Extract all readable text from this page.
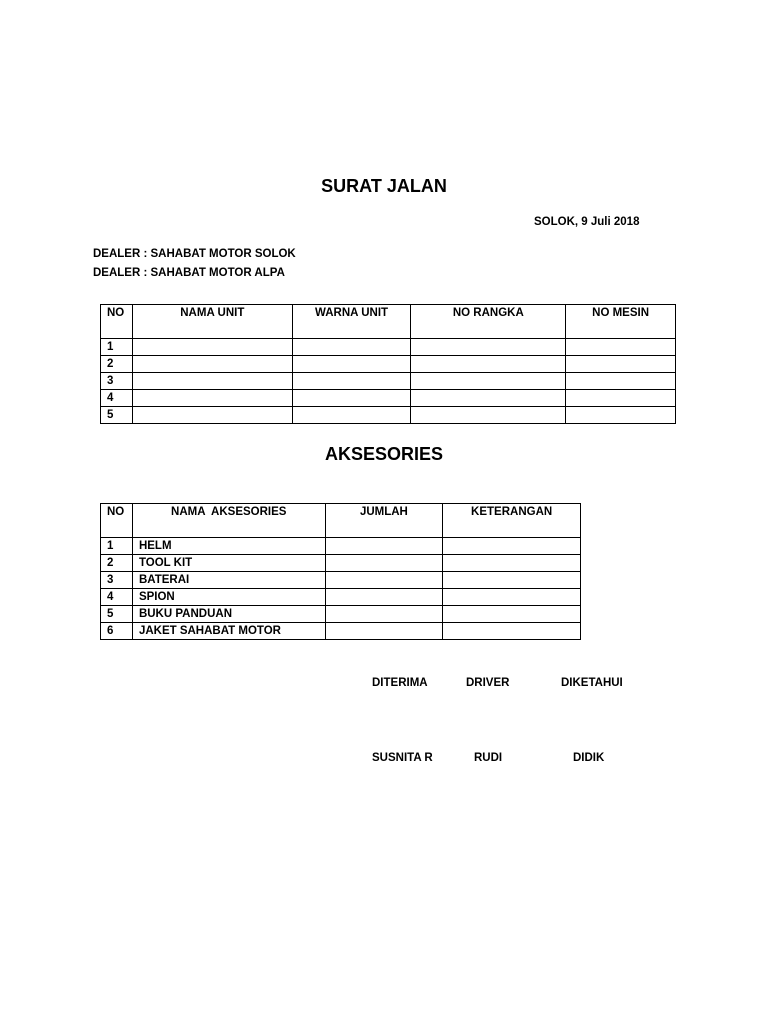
SURAT JALAN
SOLOK, 9 Juli 2018
DEALER : SAHABAT MOTOR SOLOK
DEALER : SAHABAT MOTOR ALPA
NO	NAMA UNIT	WARNA UNIT	NO RANGKA	NO MESIN
1				
2				
3				
4				
5				
AKSESORIES
NO	NAMA  AKSESORIES	JUMLAH	KETERANGAN
1	HELM		
2	TOOL KIT		
3	BATERAI		
4	SPION		
5	BUKU PANDUAN		
6	JAKET SAHABAT MOTOR		
DITERIMA	DRIVER	DIKETAHUI
SUSNITA R	RUDI	DIDIK
